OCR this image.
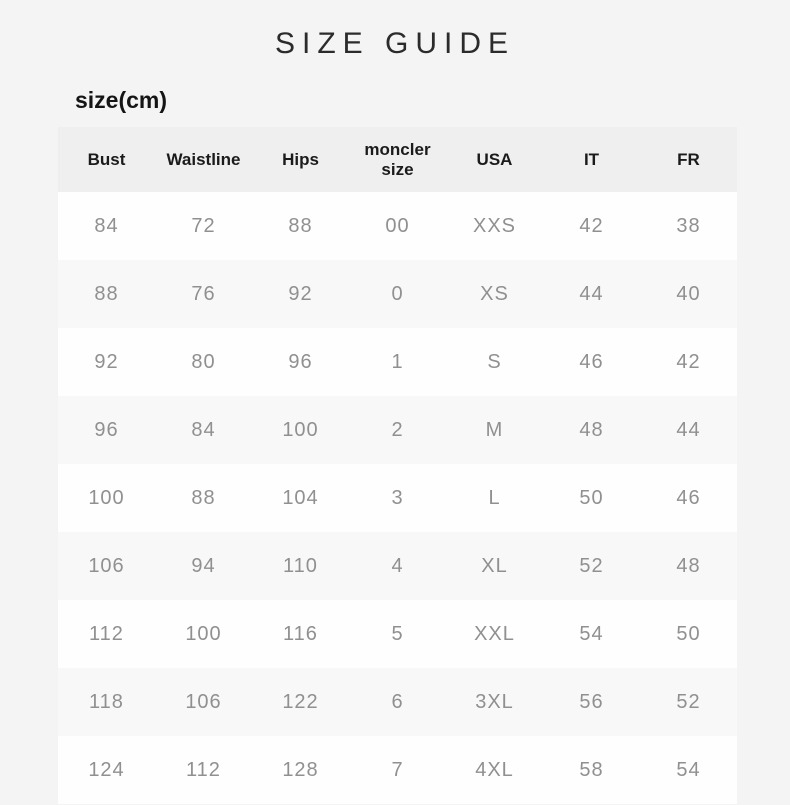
SIZE GUIDE
size(cm)
Bust	Waistline	Hips	moncler size	USA	IT	FR
84	72	88	00	XXS	42	38
88	76	92	0	XS	44	40
92	80	96	1	S	46	42
96	84	100	2	M	48	44
100	88	104	3	L	50	46
106	94	110	4	XL	52	48
112	100	116	5	XXL	54	50
118	106	122	6	3XL	56	52
124	112	128	7	4XL	58	54
